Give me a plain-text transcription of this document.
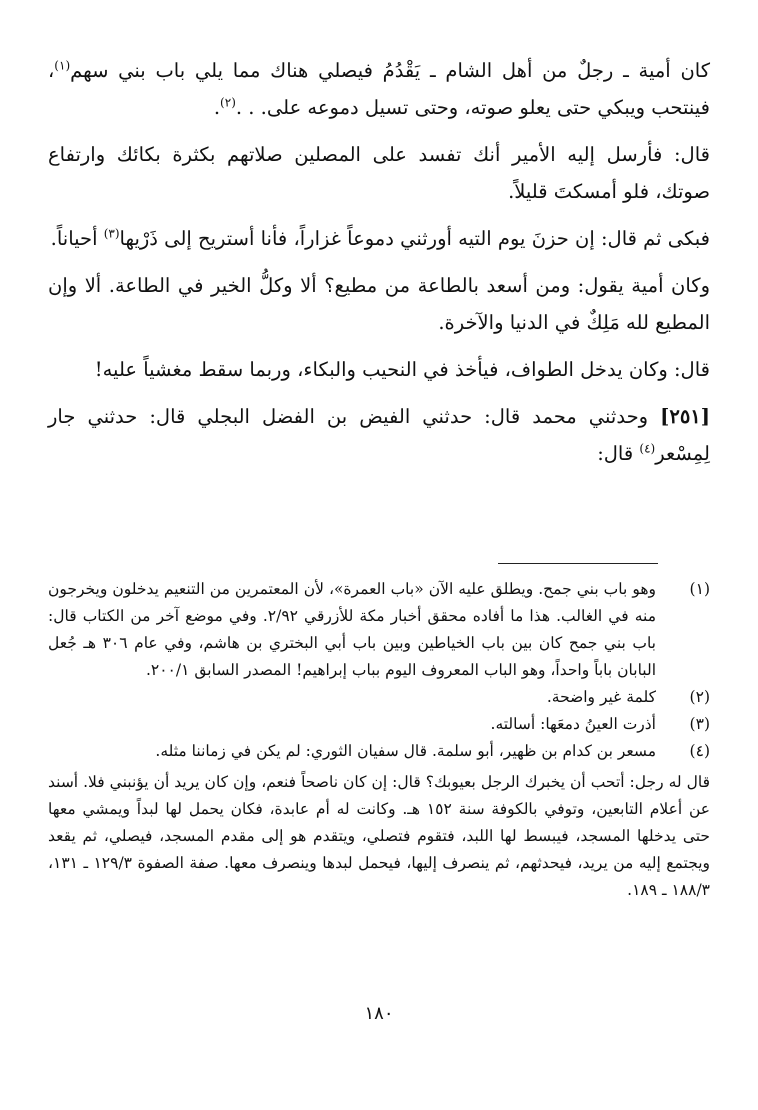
كان أمية ـ رجلٌ من أهل الشام ـ يَقْدُمُ فيصلي هناك مما يلي باب بني سهم$^{(١)}$، فينتحب ويبكي حتى يعلو صوته، وحتى تسيل دموعه على. . .$^{(٢)}$.

قال: فأرسل إليه الأمير أنك تفسد على المصلين صلاتهم بكثرة بكائك وارتفاع صوتك، فلو أمسكتَ قليلاً.

فبكى ثم قال: إن حزنَ يوم التيه أورثني دموعاً غزاراً، فأنا أستريح إلى ذَرْيها$^{(٣)}$ أحياناً.

وكان أمية يقول: ومن أسعد بالطاعة من مطيع؟ ألا وكلُّ الخير في الطاعة. ألا وإن المطيع لله مَلِكٌ في الدنيا والآخرة.

قال: وكان يدخل الطواف، فيأخذ في النحيب والبكاء، وربما سقط مغشياً عليه!

[٢٥١] وحدثني محمد قال: حدثني الفيض بن الفضل البجلي قال: حدثني جار لِمِسْعر$^{(٤)}$ قال:

(١)
وهو باب بني جمح. ويطلق عليه الآن «باب العمرة»، لأن المعتمرين من التنعيم يدخلون ويخرجون منه في الغالب. هذا ما أفاده محقق أخبار مكة للأزرقي ٢/٩٢. وفي موضع آخر من الكتاب قال: باب بني جمح كان بين باب الخياطين وبين باب أبي البختري بن هاشم، وفي عام ٣٠٦ هـ جُعل البابان باباً واحداً، وهو الباب المعروف اليوم بباب إبراهيم! المصدر السابق ٢٠٠/١.
(٢)
كلمة غير واضحة.
(٣)
أذرت العينُ دمعَها: أسالته.
(٤)
مسعر بن كدام بن ظهير، أبو سلمة. قال سفيان الثوري: لم يكن في زماننا مثله.
قال له رجل: أتحب أن يخبرك الرجل بعيوبك؟ قال: إن كان ناصحاً فنعم، وإن كان يريد أن يؤنبني فلا. أسند عن أعلام التابعين، وتوفي بالكوفة سنة ١٥٢ هـ. وكانت له أم عابدة، فكان يحمل لها لبداً ويمشي معها حتى يدخلها المسجد، فيبسط لها اللبد، فتقوم فتصلي، ويتقدم هو إلى مقدم المسجد، فيصلي، ثم يقعد ويجتمع إليه من يريد، فيحدثهم، ثم ينصرف إليها، فيحمل لبدها وينصرف معها. صفة الصفوة ١٢٩/٣ ـ ١٣١، ١٨٨/٣ ـ ١٨٩.
١٨٠
